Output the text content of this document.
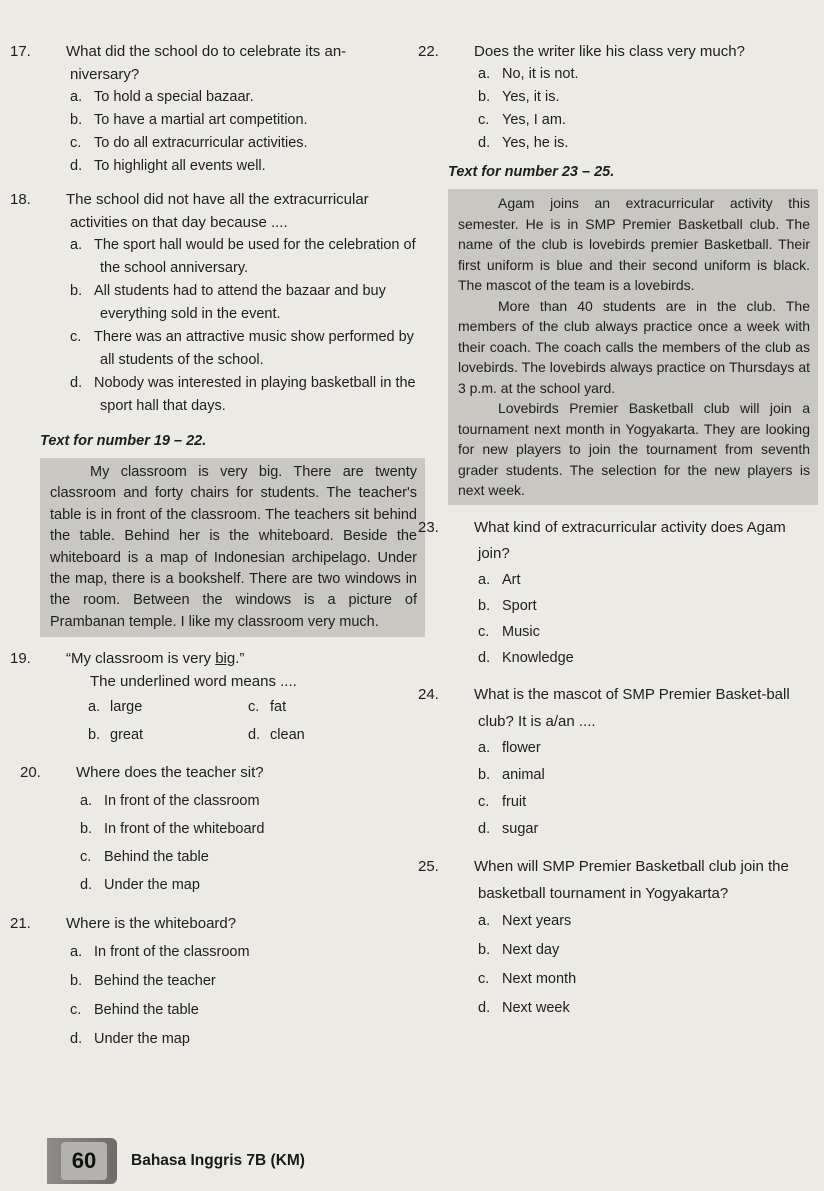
17. What did the school do to celebrate its an-
niversary?
a. To hold a special bazaar.
b. To have a martial art competition.
c. To do all extracurricular activities.
d. To highlight all events well.
18. The school did not have all the extracurricular
activities on that day because ....
a. The sport hall would be used for the celebration of the school anniversary.
b. All students had to attend the bazaar and buy everything sold in the event.
c. There was an attractive music show performed by all students of the school.
d. Nobody was interested in playing basketball in the sport hall that days.
Text for number 19 – 22.

My classroom is very big. There are twenty classroom and forty chairs for students. The teacher's table is in front of the classroom. The teachers sit behind the table. Behind her is the whiteboard. Beside the whiteboard is a map of Indonesian archipelago. Under the map, there is a bookshelf. There are two windows in the room. Between the windows is a picture of Prambanan temple. I like my classroom very much.

19. “My classroom is very big.”
The underlined word means ....
a. large	c. fat
b. great	d. clean
20. Where does the teacher sit?
a. In front of the classroom
b. In front of the whiteboard
c. Behind the table
d. Under the map
21. Where is the whiteboard?
a. In front of the classroom
b. Behind the teacher
c. Behind the table
d. Under the map
22. Does the writer like his class very much?
a. No, it is not.
b. Yes, it is.
c. Yes, I am.
d. Yes, he is.
Text for number 23 – 25.

Agam joins an extracurricular activity this semester. He is in SMP Premier Basketball club. The name of the club is lovebirds premier Basketball. Their first uniform is blue and their second uniform is black. The mascot of the team is a lovebirds.

More than 40 students are in the club. The members of the club always practice once a week with their coach. The coach calls the members of the club as lovebirds. The lovebirds always practice on Thursdays at 3 p.m. at the school yard.

Lovebirds Premier Basketball club will join a tournament next month in Yogyakarta. They are looking for new players to join the tournament from seventh grader students. The selection for the new players is next week.

23. What kind of extracurricular activity does Agam join?
a. Art
b. Sport
c. Music
d. Knowledge
24. What is the mascot of SMP Premier Basket-ball club? It is a/an ....
a. flower
b. animal
c. fruit
d. sugar
25. When will SMP Premier Basketball club join the basketball tournament in Yogyakarta?
a. Next years
b. Next day
c. Next month
d. Next week
60	Bahasa Inggris 7B (KM)
